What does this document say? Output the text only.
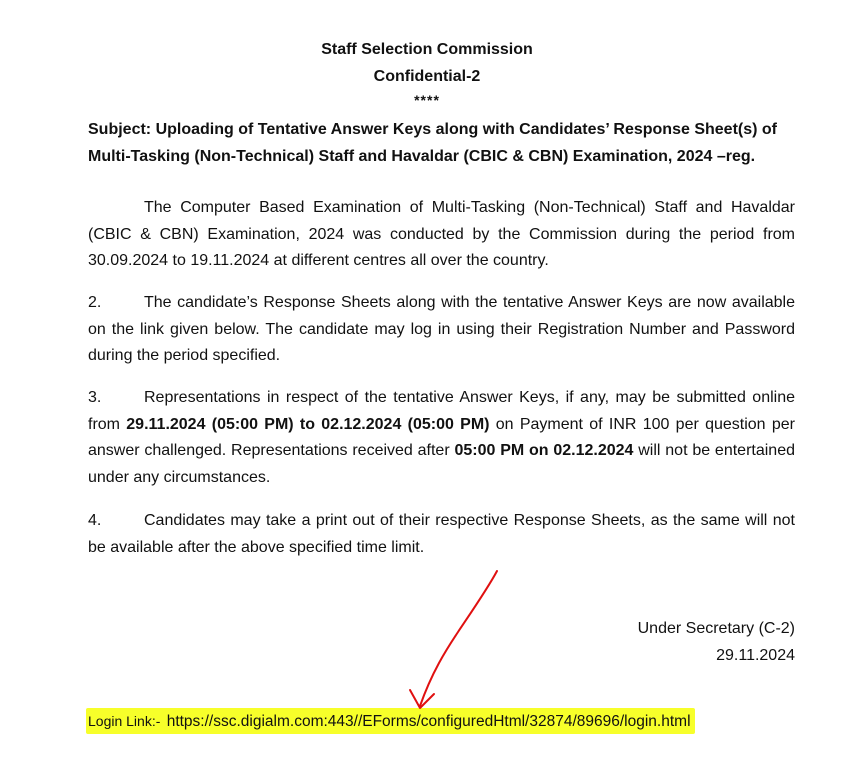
Staff Selection Commission
Confidential-2
****
Subject: Uploading of Tentative Answer Keys along with Candidates’ Response Sheet(s) of Multi-Tasking (Non-Technical) Staff and Havaldar (CBIC & CBN) Examination, 2024 –reg.
The Computer Based Examination of Multi-Tasking (Non-Technical) Staff and Havaldar (CBIC & CBN) Examination, 2024 was conducted by the Commission during the period from 30.09.2024 to 19.11.2024 at different centres all over the country.
2.	The candidate’s Response Sheets along with the tentative Answer Keys are now available on the link given below. The candidate may log in using their Registration Number and Password during the period specified.
3.	Representations in respect of the tentative Answer Keys, if any, may be submitted online from 29.11.2024 (05:00 PM) to 02.12.2024 (05:00 PM) on Payment of INR 100 per question per answer challenged. Representations received after 05:00 PM on 02.12.2024 will not be entertained under any circumstances.
4.	Candidates may take a print out of their respective Response Sheets, as the same will not be available after the above specified time limit.
Under Secretary (C-2)
29.11.2024
Login Link:- https://ssc.digialm.com:443//EForms/configuredHtml/32874/89696/login.html
